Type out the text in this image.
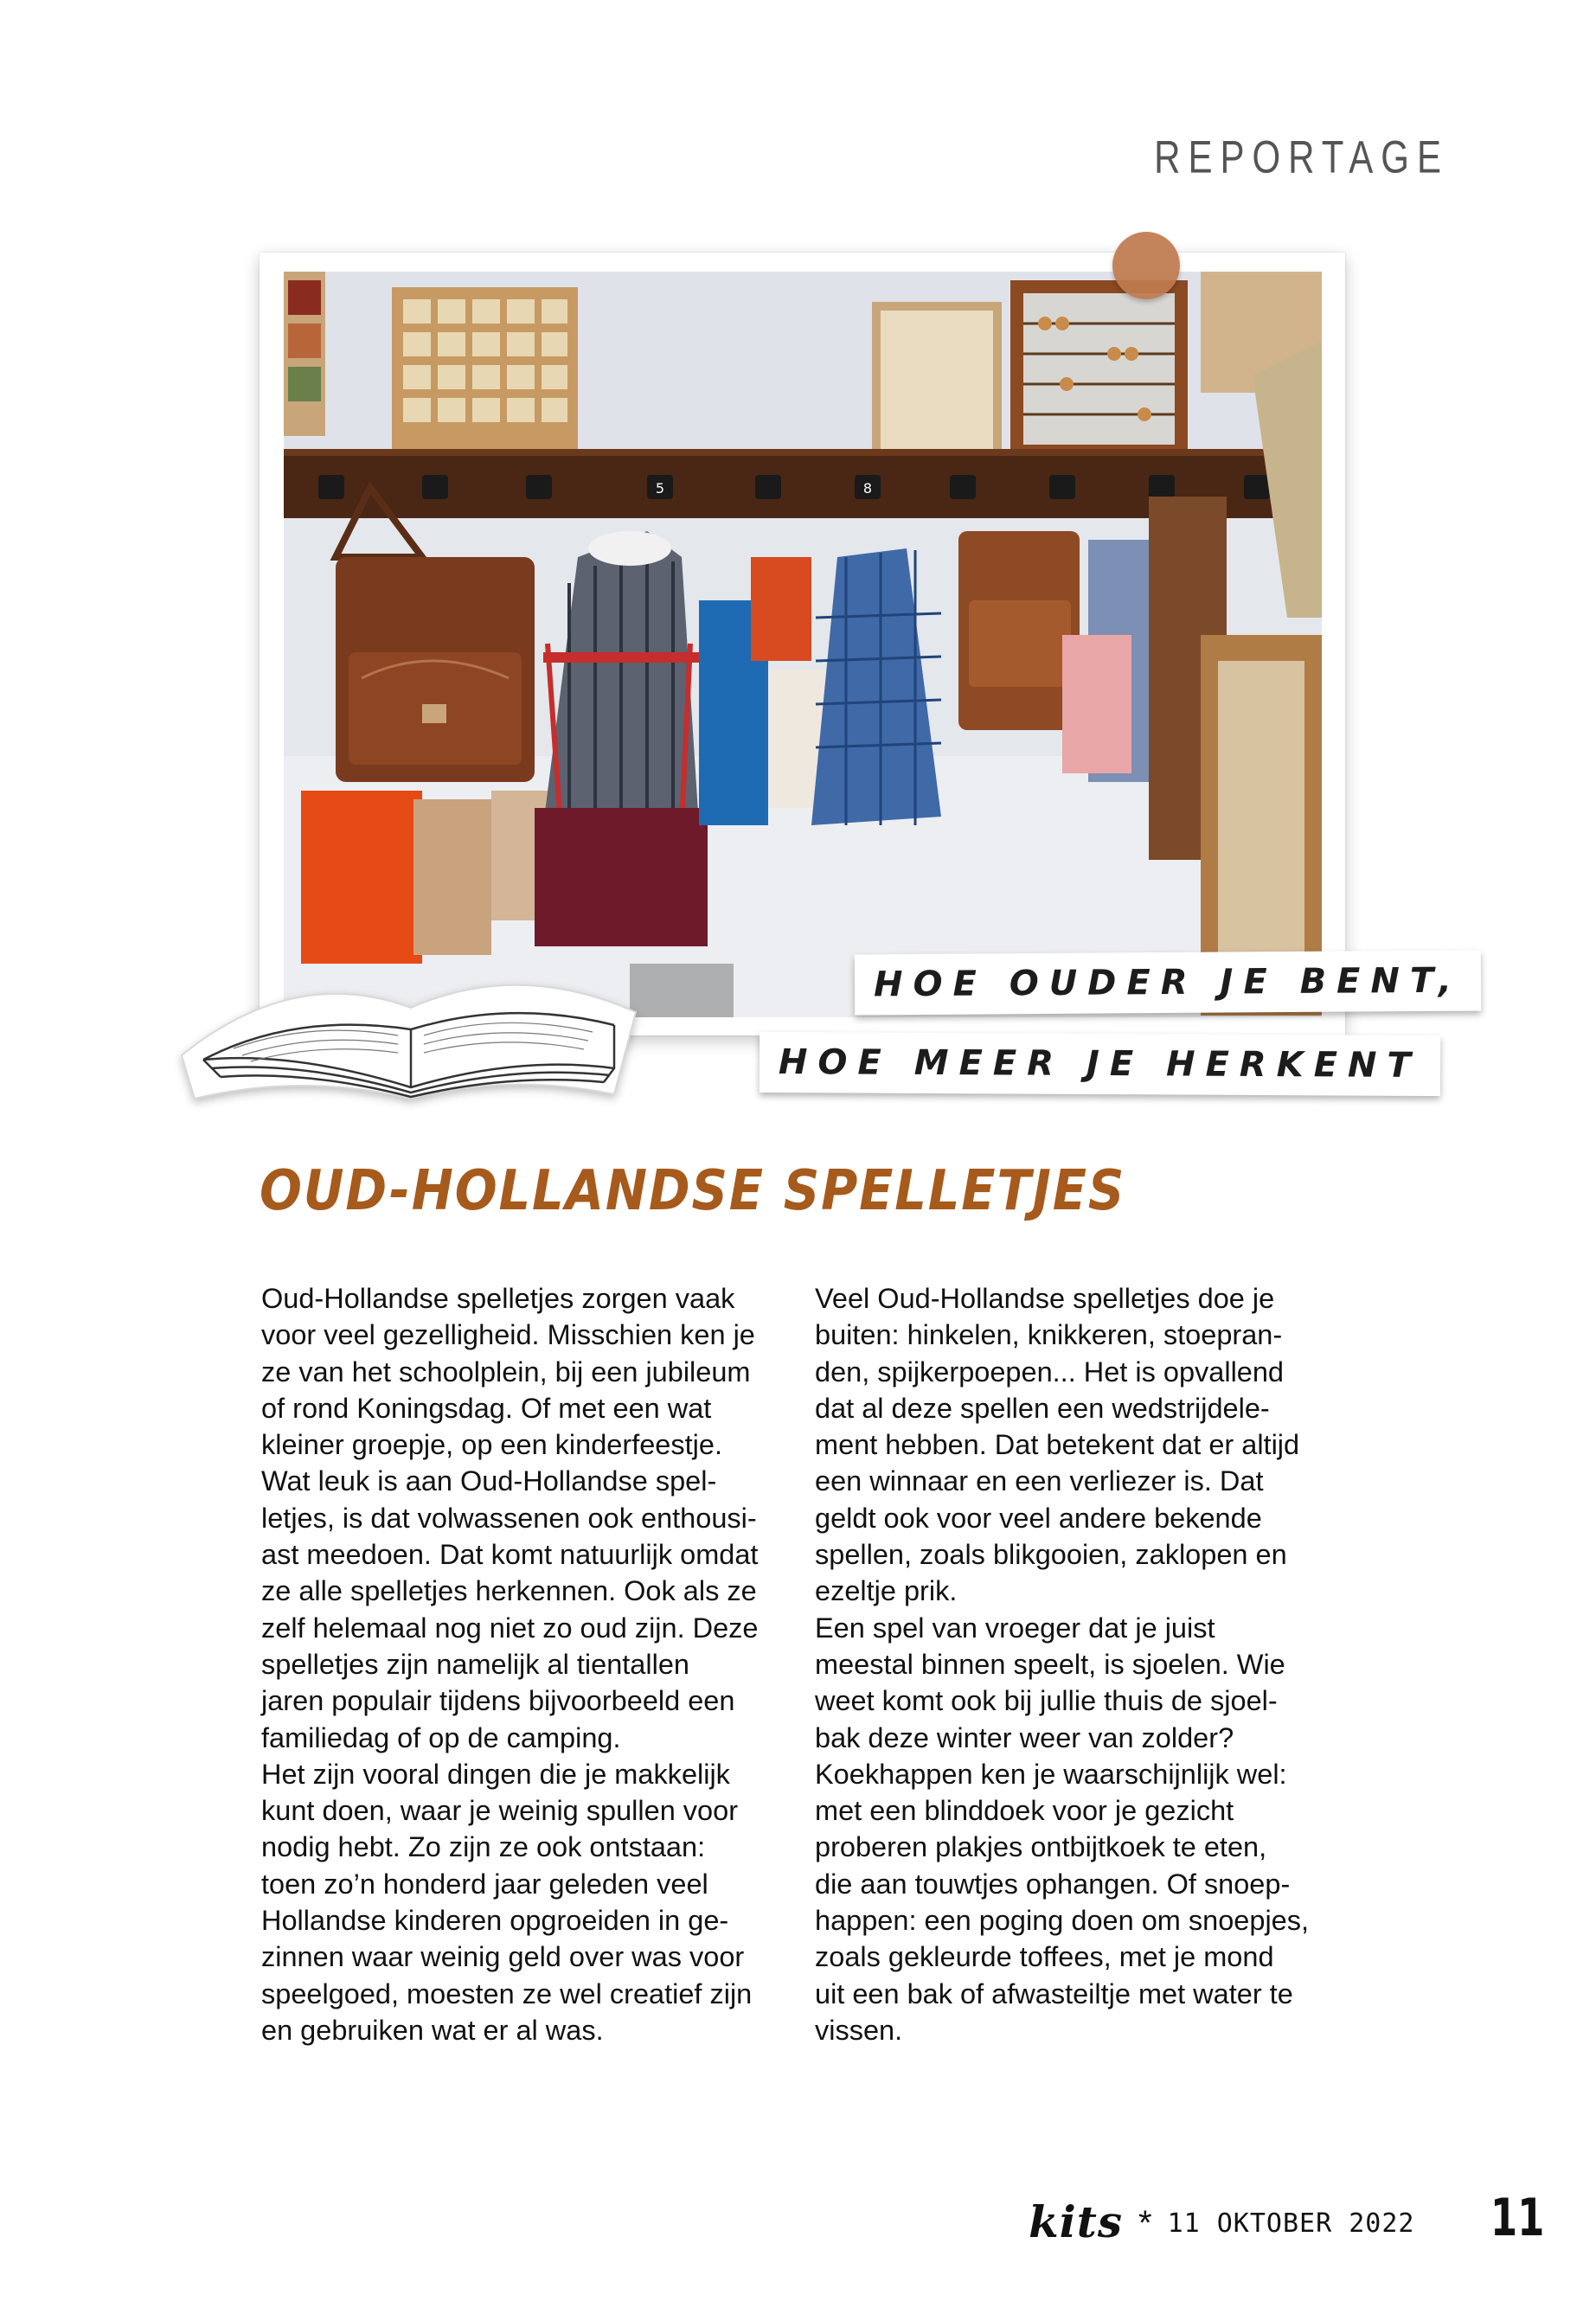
REPORTAGE
5	8
HOE OUDER JE BENT,
HOE MEER JE HERKENT
OUD-HOLLANDSE SPELLETJES

Oud-Hollandse spelletjes zorgen vaak

voor veel gezelligheid. Misschien ken je

ze van het schoolplein, bij een jubileum

of rond Koningsdag. Of met een wat

kleiner groepje, op een kinderfeestje.

Wat leuk is aan Oud-Hollandse spel-

letjes, is dat volwassenen ook enthousi-

ast meedoen. Dat komt natuurlijk omdat

ze alle spelletjes herkennen. Ook als ze

zelf helemaal nog niet zo oud zijn. Deze

spelletjes zijn namelijk al tientallen

jaren populair tijdens bijvoorbeeld een

familiedag of op de camping.

Het zijn vooral dingen die je makkelijk

kunt doen, waar je weinig spullen voor

nodig hebt. Zo zijn ze ook ontstaan:

toen zo’n honderd jaar geleden veel

Hollandse kinderen opgroeiden in ge-

zinnen waar weinig geld over was voor

speelgoed, moesten ze wel creatief zijn

en gebruiken wat er al was.

Veel Oud-Hollandse spelletjes doe je

buiten: hinkelen, knikkeren, stoepran-

den, spijkerpoepen... Het is opvallend

dat al deze spellen een wedstrijdele-

ment hebben. Dat betekent dat er altijd

een winnaar en een verliezer is. Dat

geldt ook voor veel andere bekende

spellen, zoals blikgooien, zaklopen en

ezeltje prik.

Een spel van vroeger dat je juist

meestal binnen speelt, is sjoelen. Wie

weet komt ook bij jullie thuis de sjoel-

bak deze winter weer van zolder?

Koekhappen ken je waarschijnlijk wel:

met een blinddoek voor je gezicht

proberen plakjes ontbijtkoek te eten,

die aan touwtjes ophangen. Of snoep-

happen: een poging doen om snoepjes,

zoals gekleurde toffees, met je mond

uit een bak of afwasteiltje met water te

vissen.

kits * 11 OKTOBER 2022 11
